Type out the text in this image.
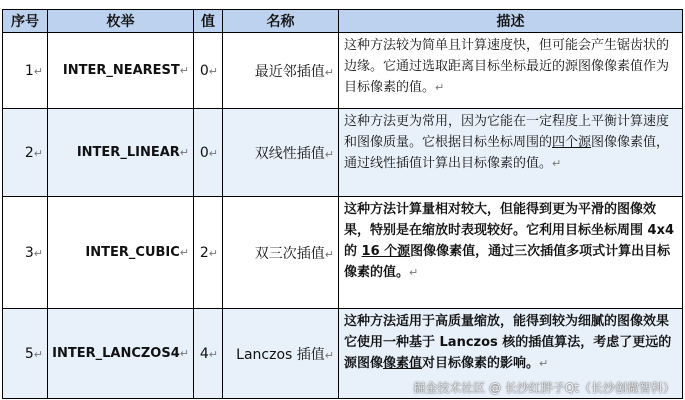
序号	枚举	值	名称	描述
1↵	INTER_NEAREST↵	0↵	最近邻插值↵	这种方法较为简单且计算速度快，但可能会产生锯齿状的边缘。它通过选取距离目标坐标最近的源图像像素值作为目标像素的值。↵
2↵	INTER_LINEAR↵	0↵	双线性插值↵	这种方法更为常用，因为它能在一定程度上平衡计算速度和图像质量。它根据目标坐标周围的四个源图像像素值，通过线性插值计算出目标像素的值。↵
3↵	INTER_CUBIC↵	2↵	双三次插值↵	这种方法计算量相对较大，但能得到更为平滑的图像效果，特别是在缩放时表现较好。它利用目标坐标周围 4x4 的 16 个源图像像素值，通过三次插值多项式计算出目标像素的值。↵
5↵	INTER_LANCZOS4↵	4↵	Lanczos 插值↵	这种方法适用于高质量缩放，能得到较为细腻的图像效果它使用一种基于 Lanczos 核的插值算法，考虑了更远的源图像像素值对目标像素的影响。↵
掘金技术社区 @ 长沙红胖子Qt（长沙创微智科）
